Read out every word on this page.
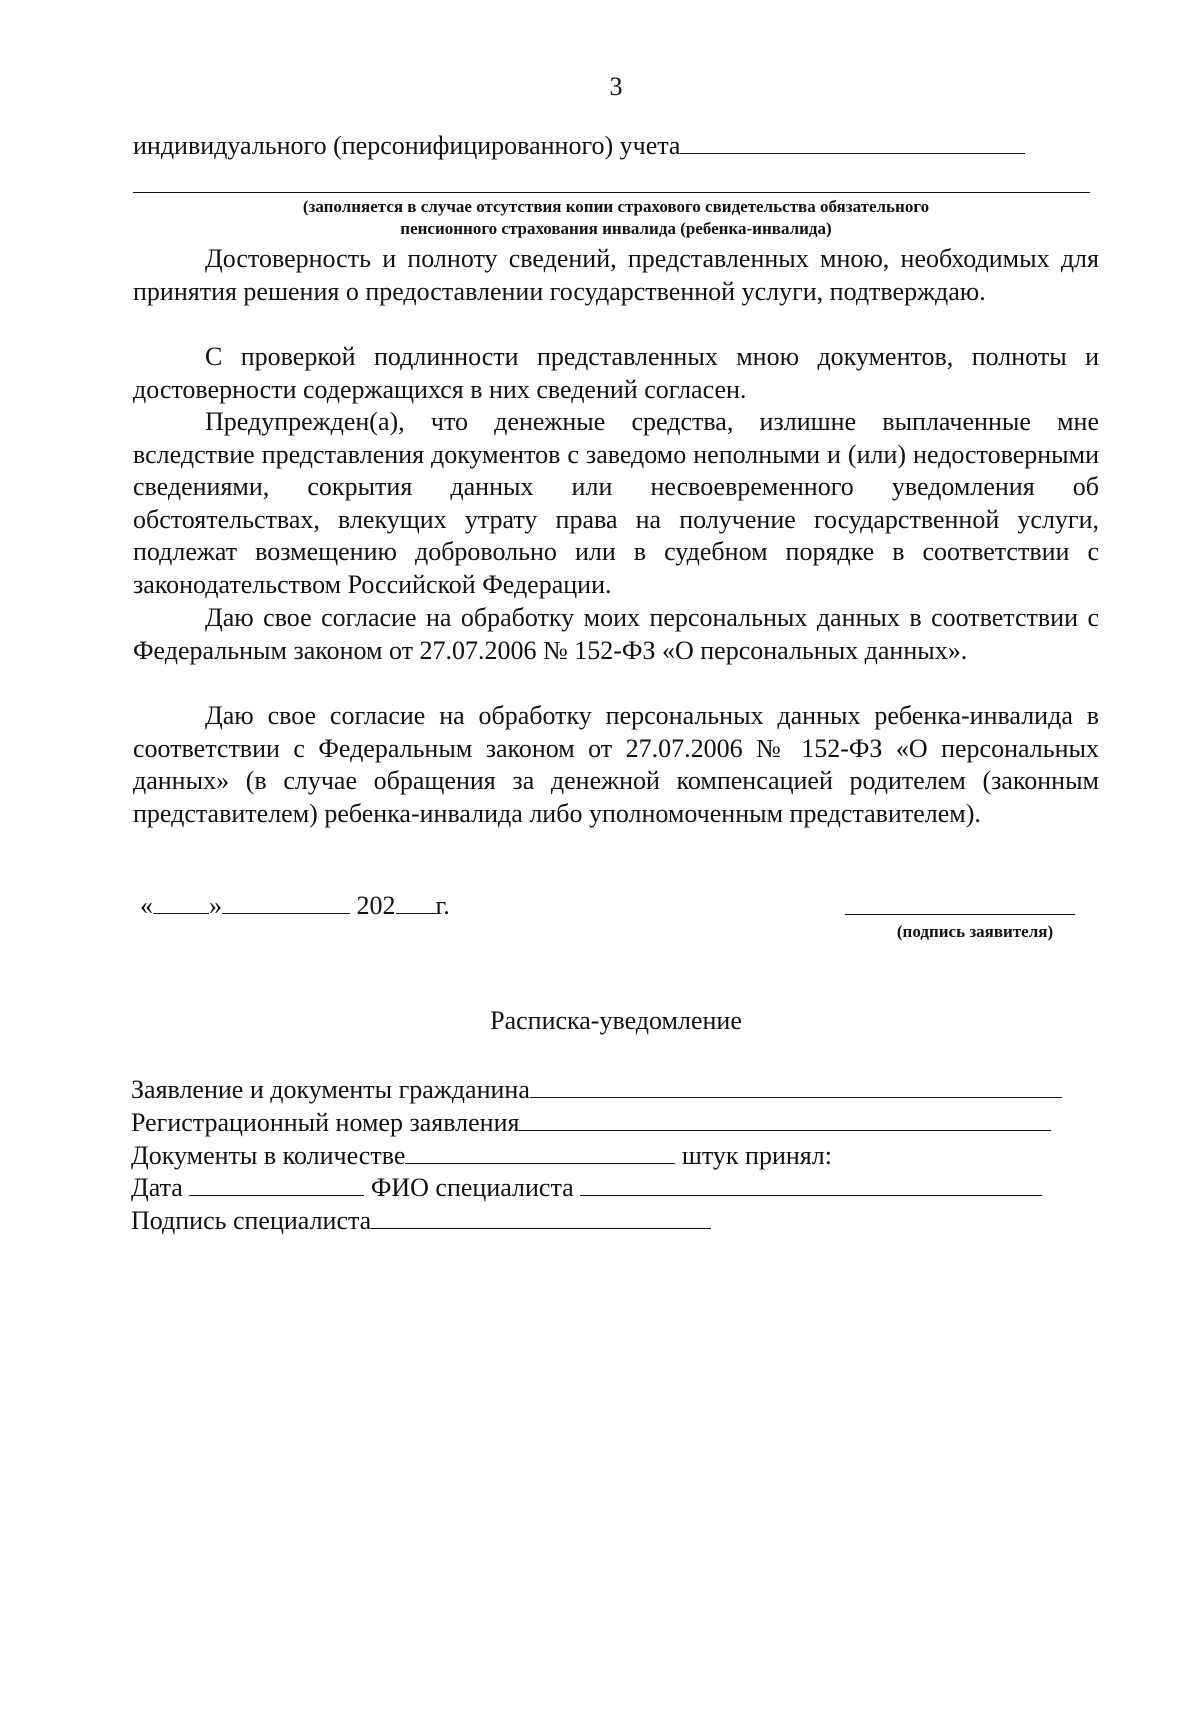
3
индивидуального (персонифицированного) учета
(заполняется в случае отсутствия копии страхового свидетельства обязательного
пенсионного страхования инвалида (ребенка-инвалида)
Достоверность и полноту сведений, представленных мною, необходимых для принятия решения о предоставлении государственной услуги, подтверждаю.
С проверкой подлинности представленных мною документов, полноты и достоверности содержащихся в них сведений согласен.
Предупрежден(а), что денежные средства, излишне выплаченные мне вследствие представления документов с заведомо неполными и (или) недостоверными сведениями, сокрытия данных или несвоевременного уведомления об обстоятельствах, влекущих утрату права на получение государственной услуги, подлежат возмещению добровольно или в судебном порядке в соответствии с законодательством Российской Федерации.
Даю свое согласие на обработку моих персональных данных в соответствии с Федеральным законом от 27.07.2006 № 152-ФЗ «О персональных данных».
Даю свое согласие на обработку персональных данных ребенка-инвалида в соответствии с Федеральным законом от 27.07.2006 № 152-ФЗ «О персональных данных» (в случае обращения за денежной компенсацией родителем (законным представителем) ребенка-инвалида либо уполномоченным представителем).
« »	202 г.
(подпись заявителя)
Расписка-уведомление
Заявление и документы гражданина
Регистрационный номер заявления
Документы в количестве	штук принял:
Дата	ФИО специалиста
Подпись специалиста
